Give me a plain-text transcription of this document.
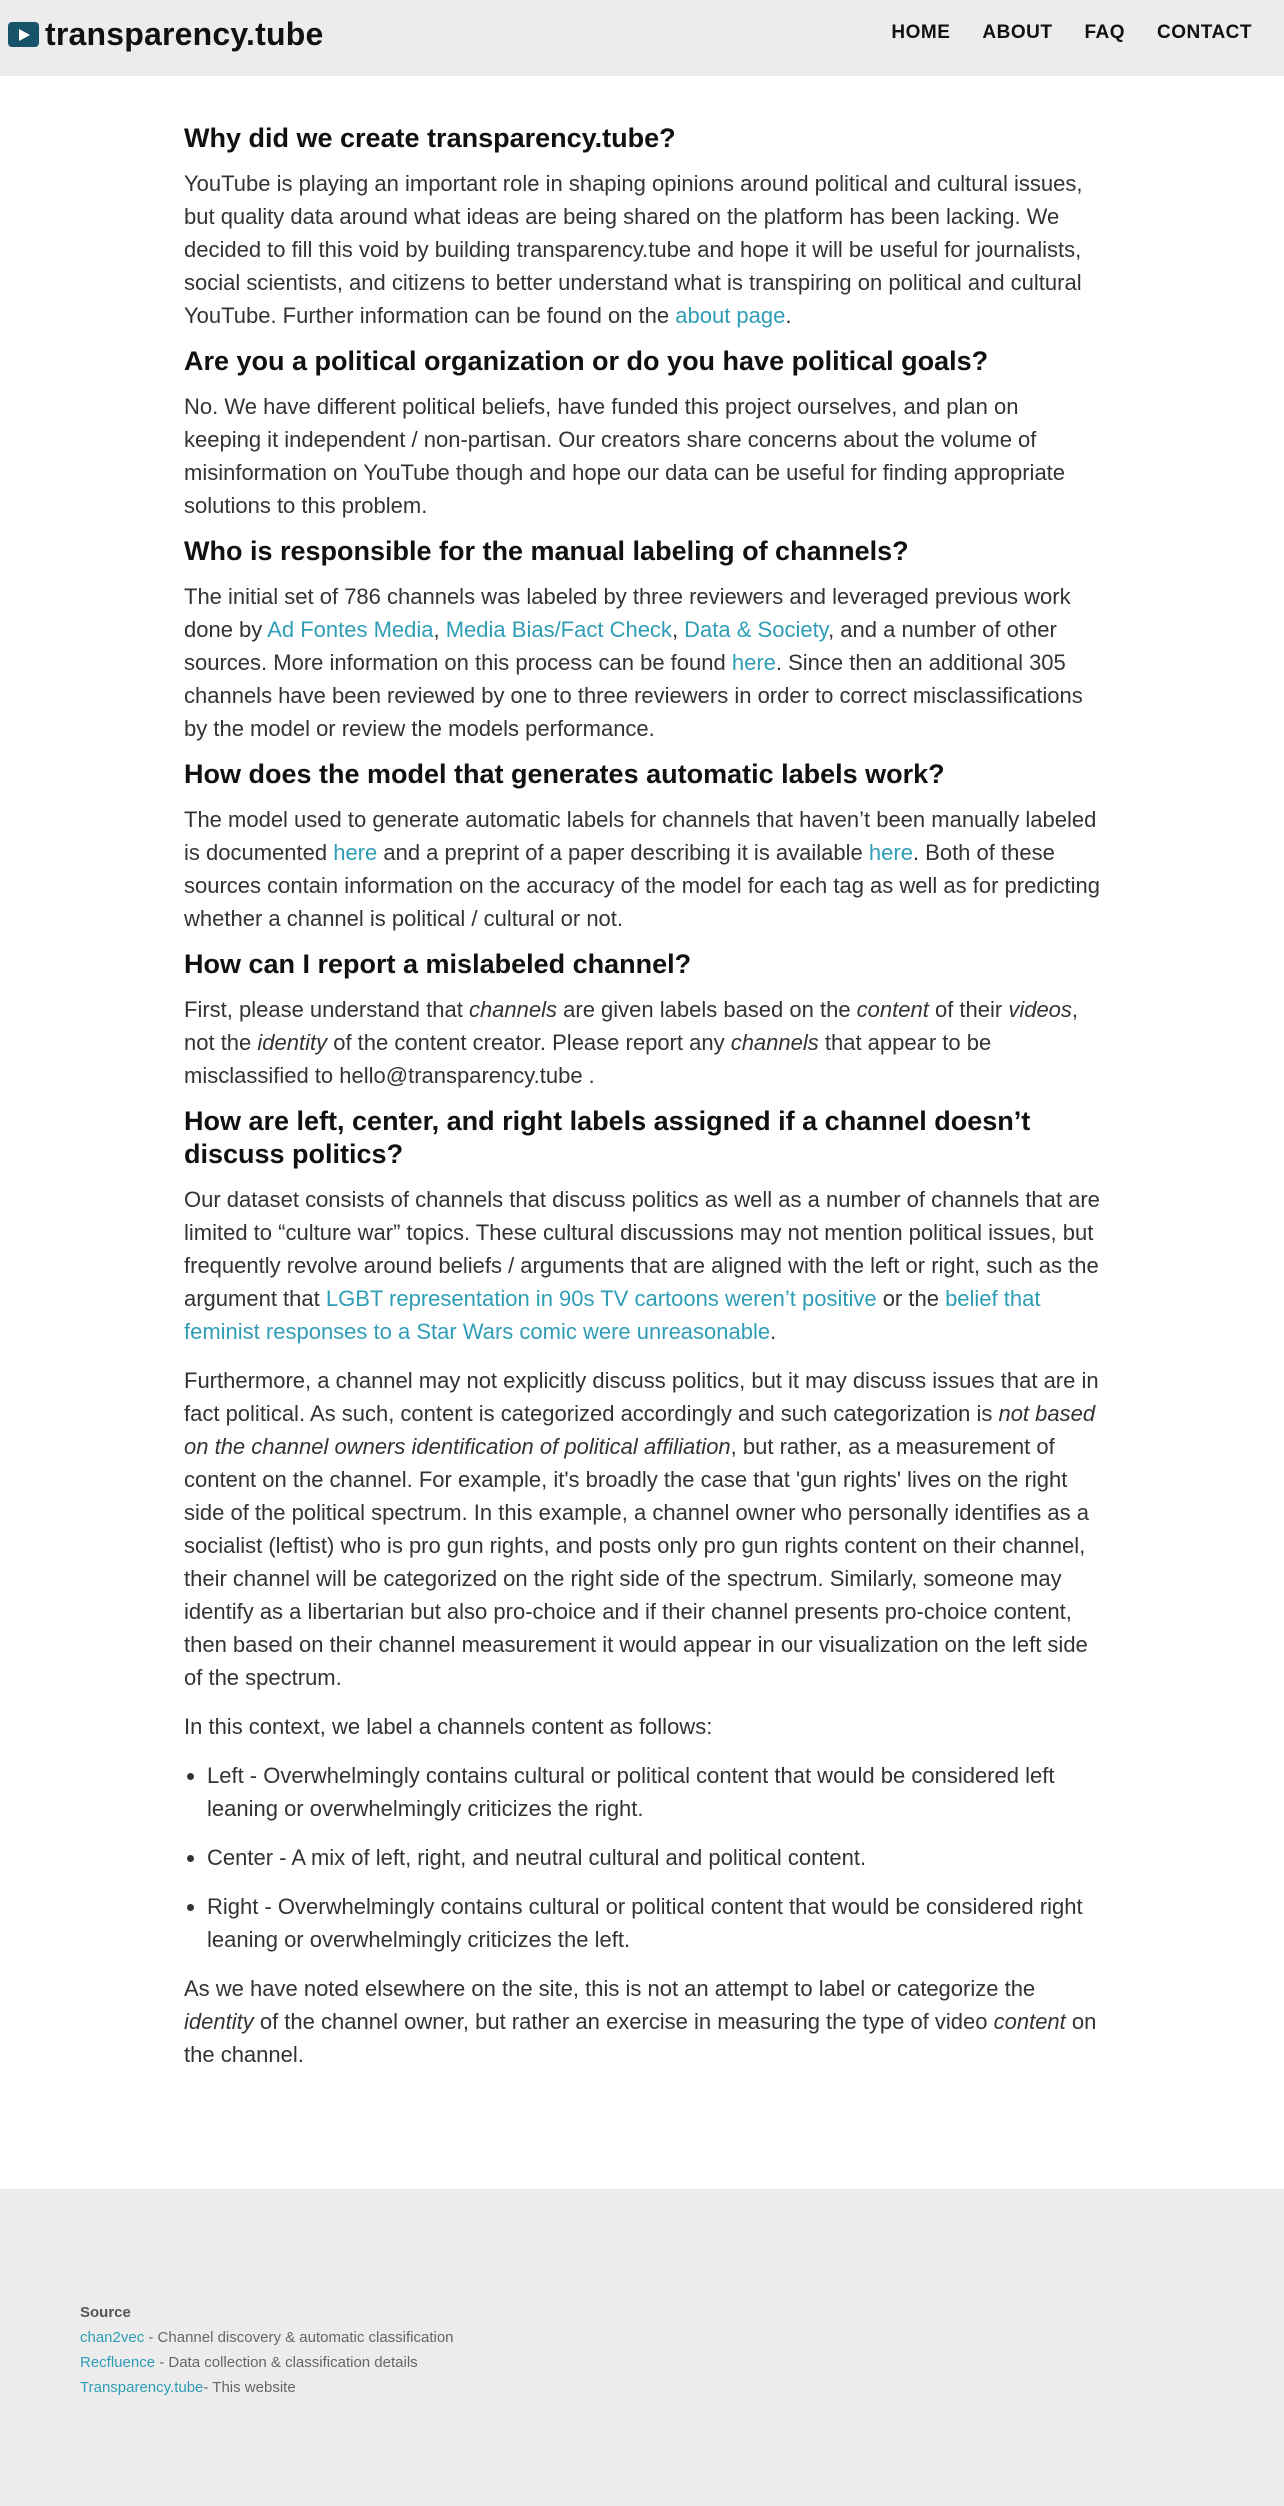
transparency.tube	HOME ABOUT FAQ CONTACT
Why did we create transparency.tube?

YouTube is playing an important role in shaping opinions around political and cultural issues, but quality data around what ideas are being shared on the platform has been lacking. We decided to fill this void by building transparency.tube and hope it will be useful for journalists, social scientists, and citizens to better understand what is transpiring on political and cultural YouTube. Further information can be found on the about page.

Are you a political organization or do you have political goals?

No. We have different political beliefs, have funded this project ourselves, and plan on keeping it independent / non-partisan. Our creators share concerns about the volume of misinformation on YouTube though and hope our data can be useful for finding appropriate solutions to this problem.

Who is responsible for the manual labeling of channels?

The initial set of 786 channels was labeled by three reviewers and leveraged previous work done by Ad Fontes Media, Media Bias/Fact Check, Data & Society, and a number of other sources. More information on this process can be found here. Since then an additional 305 channels have been reviewed by one to three reviewers in order to correct misclassifications by the model or review the models performance.

How does the model that generates automatic labels work?

The model used to generate automatic labels for channels that haven’t been manually labeled is documented here and a preprint of a paper describing it is available here. Both of these sources contain information on the accuracy of the model for each tag as well as for predicting whether a channel is political / cultural or not.

How can I report a mislabeled channel?

First, please understand that channels are given labels based on the content of their videos, not the identity of the content creator. Please report any channels that appear to be misclassified to hello@transparency.tube .

How are left, center, and right labels assigned if a channel doesn’t discuss politics?

Our dataset consists of channels that discuss politics as well as a number of channels that are limited to “culture war” topics. These cultural discussions may not mention political issues, but frequently revolve around beliefs / arguments that are aligned with the left or right, such as the argument that LGBT representation in 90s TV cartoons weren’t positive or the belief that feminist responses to a Star Wars comic were unreasonable.

Furthermore, a channel may not explicitly discuss politics, but it may discuss issues that are in fact political. As such, content is categorized accordingly and such categorization is not based on the channel owners identification of political affiliation, but rather, as a measurement of content on the channel. For example, it's broadly the case that 'gun rights' lives on the right side of the political spectrum. In this example, a channel owner who personally identifies as a socialist (leftist) who is pro gun rights, and posts only pro gun rights content on their channel, their channel will be categorized on the right side of the spectrum. Similarly, someone may identify as a libertarian but also pro-choice and if their channel presents pro-choice content, then based on their channel measurement it would appear in our visualization on the left side of the spectrum.

In this context, we label a channels content as follows:

• Left - Overwhelmingly contains cultural or political content that would be considered left leaning or overwhelmingly criticizes the right.
• Center - A mix of left, right, and neutral cultural and political content.
• Right - Overwhelmingly contains cultural or political content that would be considered right leaning or overwhelmingly criticizes the left.

As we have noted elsewhere on the site, this is not an attempt to label or categorize the identity of the channel owner, but rather an exercise in measuring the type of video content on the channel.

Source
chan2vec - Channel discovery & automatic classification
Recfluence - Data collection & classification details
Transparency.tube- This website
